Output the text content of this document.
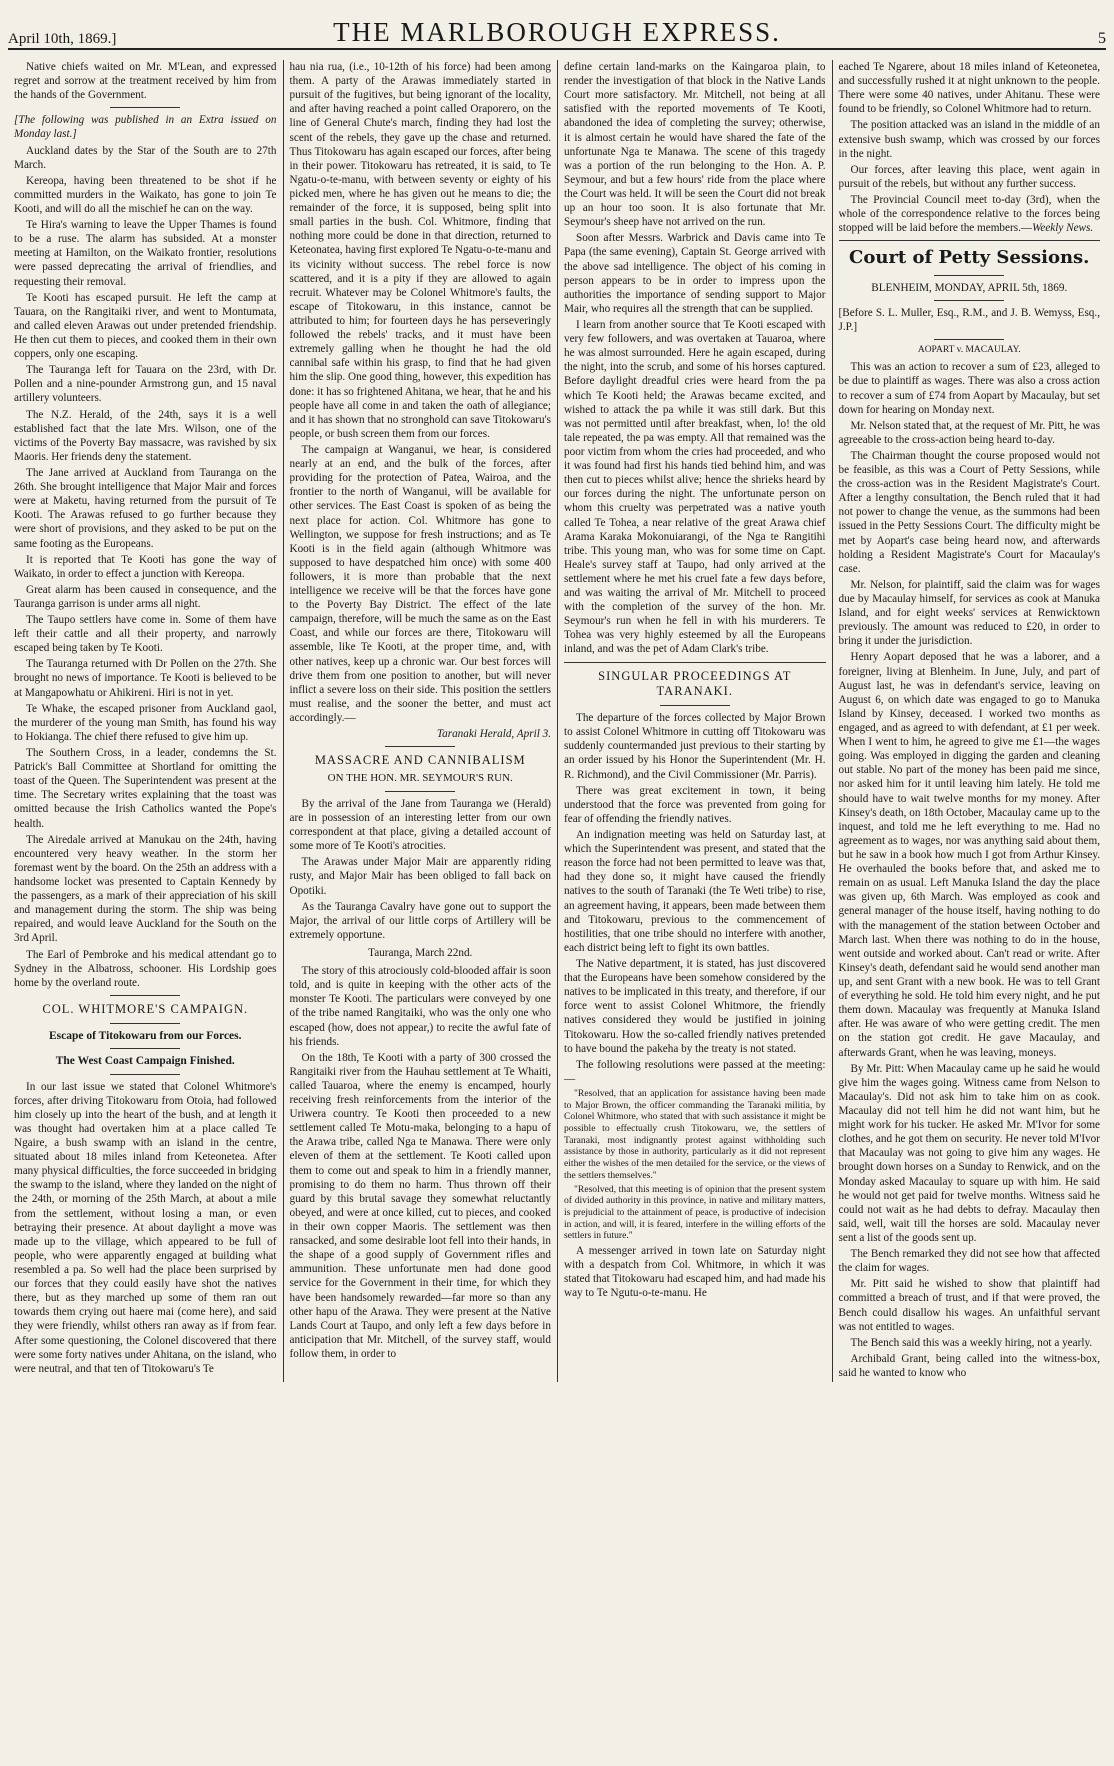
April 10th, 1869.]	THE MARLBOROUGH EXPRESS.	5

Native chiefs waited on Mr. M'Lean, and expressed regret and sorrow at the treatment received by him from the hands of the Government.

[The following was published in an Extra issued on Monday last.]

Auckland dates by the Star of the South are to 27th March.

Kereopa, having been threatened to be shot if he committed murders in the Waikato, has gone to join Te Kooti, and will do all the mischief he can on the way.

Te Hira's warning to leave the Upper Thames is found to be a ruse. The alarm has subsided. At a monster meeting at Hamilton, on the Waikato frontier, resolutions were passed deprecating the arrival of friendlies, and requesting their removal.

Te Kooti has escaped pursuit. He left the camp at Tauara, on the Rangitaiki river, and went to Montumata, and called eleven Arawas out under pretended friendship. He then cut them to pieces, and cooked them in their own coppers, only one escaping.

The Tauranga left for Tauara on the 23rd, with Dr. Pollen and a nine-pounder Armstrong gun, and 15 naval artillery volunteers.

The N.Z. Herald, of the 24th, says it is a well established fact that the late Mrs. Wilson, one of the victims of the Poverty Bay massacre, was ravished by six Maoris. Her friends deny the statement.

The Jane arrived at Auckland from Tauranga on the 26th. She brought intelligence that Major Mair and forces were at Maketu, having returned from the pursuit of Te Kooti. The Arawas refused to go further because they were short of provisions, and they asked to be put on the same footing as the Europeans.

It is reported that Te Kooti has gone the way of Waikato, in order to effect a junction with Kereopa.

Great alarm has been caused in consequence, and the Tauranga garrison is under arms all night.

The Taupo settlers have come in. Some of them have left their cattle and all their property, and narrowly escaped being taken by Te Kooti.

The Tauranga returned with Dr Pollen on the 27th. She brought no news of importance. Te Kooti is believed to be at Mangapowhatu or Ahikireni. Hiri is not in yet.

Te Whake, the escaped prisoner from Auckland gaol, the murderer of the young man Smith, has found his way to Hokianga. The chief there refused to give him up.

The Southern Cross, in a leader, condemns the St. Patrick's Ball Committee at Shortland for omitting the toast of the Queen. The Superintendent was present at the time. The Secretary writes explaining that the toast was omitted because the Irish Catholics wanted the Pope's health.

The Airedale arrived at Manukau on the 24th, having encountered very heavy weather. In the storm her foremast went by the board. On the 25th an address with a handsome locket was presented to Captain Kennedy by the passengers, as a mark of their appreciation of his skill and management during the storm. The ship was being repaired, and would leave Auckland for the South on the 3rd April.

The Earl of Pembroke and his medical attendant go to Sydney in the Albatross, schooner. His Lordship goes home by the overland route.

COL. WHITMORE'S CAMPAIGN.
Escape of Titokowaru from our Forces.
The West Coast Campaign Finished.

In our last issue we stated that Colonel Whitmore's forces, after driving Titokowaru from Otoia, had followed him closely up into the heart of the bush, and at length it was thought had overtaken him at a place called Te Ngaire, a bush swamp with an island in the centre, situated about 18 miles inland from Keteonetea. After many physical difficulties, the force succeeded in bridging the swamp to the island, where they landed on the night of the 24th, or morning of the 25th March, at about a mile from the settlement, without losing a man, or even betraying their presence. At about daylight a move was made up to the village, which appeared to be full of people, who were apparently engaged at building what resembled a pa. So well had the place been surprised by our forces that they could easily have shot the natives there, but as they marched up some of them ran out towards them crying out haere mai (come here), and said they were friendly, whilst others ran away as if from fear. After some questioning, the Colonel discovered that there were some forty natives under Ahitana, on the island, who were neutral, and that ten of Titokowaru's Te

hau nia rua, (i.e., 10-12th of his force) had been among them. A party of the Arawas immediately started in pursuit of the fugitives, but being ignorant of the locality, and after having reached a point called Oraporero, on the line of General Chute's march, finding they had lost the scent of the rebels, they gave up the chase and returned. Thus Titokowaru has again escaped our forces, after being in their power. Titokowaru has retreated, it is said, to Te Ngatu-o-te-manu, with between seventy or eighty of his picked men, where he has given out he means to die; the remainder of the force, it is supposed, being split into small parties in the bush. Col. Whitmore, finding that nothing more could be done in that direction, returned to Keteonatea, having first explored Te Ngatu-o-te-manu and its vicinity without success. The rebel force is now scattered, and it is a pity if they are allowed to again recruit. Whatever may be Colonel Whitmore's faults, the escape of Titokowaru, in this instance, cannot be attributed to him; for fourteen days he has perseveringly followed the rebels' tracks, and it must have been extremely galling when he thought he had the old cannibal safe within his grasp, to find that he had given him the slip. One good thing, however, this expedition has done: it has so frightened Ahitana, we hear, that he and his people have all come in and taken the oath of allegiance; and it has shown that no stronghold can save Titokowaru's people, or bush screen them from our forces.

The campaign at Wanganui, we hear, is considered nearly at an end, and the bulk of the forces, after providing for the protection of Patea, Wairoa, and the frontier to the north of Wanganui, will be available for other services. The East Coast is spoken of as being the next place for action. Col. Whitmore has gone to Wellington, we suppose for fresh instructions; and as Te Kooti is in the field again (although Whitmore was supposed to have despatched him once) with some 400 followers, it is more than probable that the next intelligence we receive will be that the forces have gone to the Poverty Bay District. The effect of the late campaign, therefore, will be much the same as on the East Coast, and while our forces are there, Titokowaru will assemble, like Te Kooti, at the proper time, and, with other natives, keep up a chronic war. Our best forces will drive them from one position to another, but will never inflict a severe loss on their side. This position the settlers must realise, and the sooner the better, and must act accordingly.—

Taranaki Herald, April 3.

MASSACRE AND CANNIBALISM
ON THE HON. MR. SEYMOUR'S RUN.

By the arrival of the Jane from Tauranga we (Herald) are in possession of an interesting letter from our own correspondent at that place, giving a detailed account of some more of Te Kooti's atrocities.

The Arawas under Major Mair are apparently riding rusty, and Major Mair has been obliged to fall back on Opotiki.

As the Tauranga Cavalry have gone out to support the Major, the arrival of our little corps of Artillery will be extremely opportune.

Tauranga, March 22nd.

The story of this atrociously cold-blooded affair is soon told, and is quite in keeping with the other acts of the monster Te Kooti. The particulars were conveyed by one of the tribe named Rangitaiki, who was the only one who escaped (how, does not appear,) to recite the awful fate of his friends.

On the 18th, Te Kooti with a party of 300 crossed the Rangitaiki river from the Hauhau settlement at Te Whaiti, called Tauaroa, where the enemy is encamped, hourly receiving fresh reinforcements from the interior of the Uriwera country. Te Kooti then proceeded to a new settlement called Te Motu-maka, belonging to a hapu of the Arawa tribe, called Nga te Manawa. There were only eleven of them at the settlement. Te Kooti called upon them to come out and speak to him in a friendly manner, promising to do them no harm. Thus thrown off their guard by this brutal savage they somewhat reluctantly obeyed, and were at once killed, cut to pieces, and cooked in their own copper Maoris. The settlement was then ransacked, and some desirable loot fell into their hands, in the shape of a good supply of Government rifles and ammunition. These unfortunate men had done good service for the Government in their time, for which they have been handsomely rewarded—far more so than any other hapu of the Arawa. They were present at the Native Lands Court at Taupo, and only left a few days before in anticipation that Mr. Mitchell, of the survey staff, would follow them, in order to

define certain land-marks on the Kaingaroa plain, to render the investigation of that block in the Native Lands Court more satisfactory. Mr. Mitchell, not being at all satisfied with the reported movements of Te Kooti, abandoned the idea of completing the survey; otherwise, it is almost certain he would have shared the fate of the unfortunate Nga te Manawa. The scene of this tragedy was a portion of the run belonging to the Hon. A. P. Seymour, and but a few hours' ride from the place where the Court was held. It will be seen the Court did not break up an hour too soon. It is also fortunate that Mr. Seymour's sheep have not arrived on the run.

Soon after Messrs. Warbrick and Davis came into Te Papa (the same evening), Captain St. George arrived with the above sad intelligence. The object of his coming in person appears to be in order to impress upon the authorities the importance of sending support to Major Mair, who requires all the strength that can be supplied.

I learn from another source that Te Kooti escaped with very few followers, and was overtaken at Tauaroa, where he was almost surrounded. Here he again escaped, during the night, into the scrub, and some of his horses captured. Before daylight dreadful cries were heard from the pa which Te Kooti held; the Arawas became excited, and wished to attack the pa while it was still dark. But this was not permitted until after breakfast, when, lo! the old tale repeated, the pa was empty. All that remained was the poor victim from whom the cries had proceeded, and who it was found had first his hands tied behind him, and was then cut to pieces whilst alive; hence the shrieks heard by our forces during the night. The unfortunate person on whom this cruelty was perpetrated was a native youth called Te Tohea, a near relative of the great Arawa chief Arama Karaka Mokonuiarangi, of the Nga te Rangitihi tribe. This young man, who was for some time on Capt. Heale's survey staff at Taupo, had only arrived at the settlement where he met his cruel fate a few days before, and was waiting the arrival of Mr. Mitchell to proceed with the completion of the survey of the hon. Mr. Seymour's run when he fell in with his murderers. Te Tohea was very highly esteemed by all the Europeans inland, and was the pet of Adam Clark's tribe.

SINGULAR PROCEEDINGS AT
TARANAKI.

The departure of the forces collected by Major Brown to assist Colonel Whitmore in cutting off Titokowaru was suddenly countermanded just previous to their starting by an order issued by his Honor the Superintendent (Mr. H. R. Richmond), and the Civil Commissioner (Mr. Parris).

There was great excitement in town, it being understood that the force was prevented from going for fear of offending the friendly natives.

An indignation meeting was held on Saturday last, at which the Superintendent was present, and stated that the reason the force had not been permitted to leave was that, had they done so, it might have caused the friendly natives to the south of Taranaki (the Te Weti tribe) to rise, an agreement having, it appears, been made between them and Titokowaru, previous to the commencement of hostilities, that one tribe should no interfere with another, each district being left to fight its own battles.

The Native department, it is stated, has just discovered that the Europeans have been somehow considered by the natives to be implicated in this treaty, and therefore, if our force went to assist Colonel Whitmore, the friendly natives considered they would be justified in joining Titokowaru. How the so-called friendly natives pretended to have bound the pakeha by the treaty is not stated.

The following resolutions were passed at the meeting:—

"Resolved, that an application for assistance having been made to Major Brown, the officer commanding the Taranaki militia, by Colonel Whitmore, who stated that with such assistance it might be possible to effectually crush Titokowaru, we, the settlers of Taranaki, most indignantly protest against withholding such assistance by those in authority, particularly as it did not represent either the wishes of the men detailed for the service, or the views of the settlers themselves."

"Resolved, that this meeting is of opinion that the present system of divided authority in this province, in native and military matters, is prejudicial to the attainment of peace, is productive of indecision in action, and will, it is feared, interfere in the willing efforts of the settlers in future."

A messenger arrived in town late on Saturday night with a despatch from Col. Whitmore, in which it was stated that Titokowaru had escaped him, and had made his way to Te Ngutu-o-te-manu. He

eached Te Ngarere, about 18 miles inland of Keteonetea, and successfully rushed it at night unknown to the people. There were some 40 natives, under Ahitanu. These were found to be friendly, so Colonel Whitmore had to return.

The position attacked was an island in the middle of an extensive bush swamp, which was crossed by our forces in the night.

Our forces, after leaving this place, went again in pursuit of the rebels, but without any further success.

The Provincial Council meet to-day (3rd), when the whole of the correspondence relative to the forces being stopped will be laid before the members.—Weekly News.

Court of Petty Sessions.
BLENHEIM, MONDAY, APRIL 5th, 1869.

[Before S. L. Muller, Esq., R.M., and J. B. Wemyss, Esq., J.P.]

AOPART v. MACAULAY.

This was an action to recover a sum of £23, alleged to be due to plaintiff as wages. There was also a cross action to recover a sum of £74 from Aopart by Macaulay, but set down for hearing on Monday next.

Mr. Nelson stated that, at the request of Mr. Pitt, he was agreeable to the cross-action being heard to-day.

The Chairman thought the course proposed would not be feasible, as this was a Court of Petty Sessions, while the cross-action was in the Resident Magistrate's Court. After a lengthy consultation, the Bench ruled that it had not power to change the venue, as the summons had been issued in the Petty Sessions Court. The difficulty might be met by Aopart's case being heard now, and afterwards holding a Resident Magistrate's Court for Macaulay's case.

Mr. Nelson, for plaintiff, said the claim was for wages due by Macaulay himself, for services as cook at Manuka Island, and for eight weeks' services at Renwicktown previously. The amount was reduced to £20, in order to bring it under the jurisdiction.

Henry Aopart deposed that he was a laborer, and a foreigner, living at Blenheim. In June, July, and part of August last, he was in defendant's service, leaving on August 6, on which date was engaged to go to Manuka Island by Kinsey, deceased. I worked two months as engaged, and as agreed to with defendant, at £1 per week. When I went to him, he agreed to give me £1—the wages going. Was employed in digging the garden and cleaning out stable. No part of the money has been paid me since, nor asked him for it until leaving him lately. He told me should have to wait twelve months for my money. After Kinsey's death, on 18th October, Macaulay came up to the inquest, and told me he left everything to me. Had no agreement as to wages, nor was anything said about them, but he saw in a book how much I got from Arthur Kinsey. He overhauled the books before that, and asked me to remain on as usual. Left Manuka Island the day the place was given up, 6th March. Was employed as cook and general manager of the house itself, having nothing to do with the management of the station between October and March last. When there was nothing to do in the house, went outside and worked about. Can't read or write. After Kinsey's death, defendant said he would send another man up, and sent Grant with a new book. He was to tell Grant of everything he sold. He told him every night, and he put them down. Macaulay was frequently at Manuka Island after. He was aware of who were getting credit. The men on the station got credit. He gave Macaulay, and afterwards Grant, when he was leaving, moneys.

By Mr. Pitt: When Macaulay came up he said he would give him the wages going. Witness came from Nelson to Macaulay's. Did not ask him to take him on as cook. Macaulay did not tell him he did not want him, but he might work for his tucker. He asked Mr. M'Ivor for some clothes, and he got them on security. He never told M'Ivor that Macaulay was not going to give him any wages. He brought down horses on a Sunday to Renwick, and on the Monday asked Macaulay to square up with him. He said he would not get paid for twelve months. Witness said he could not wait as he had debts to defray. Macaulay then said, well, wait till the horses are sold. Macaulay never sent a list of the goods sent up.

The Bench remarked they did not see how that affected the claim for wages.

Mr. Pitt said he wished to show that plaintiff had committed a breach of trust, and if that were proved, the Bench could disallow his wages. An unfaithful servant was not entitled to wages.

The Bench said this was a weekly hiring, not a yearly.

Archibald Grant, being called into the witness-box, said he wanted to know who
